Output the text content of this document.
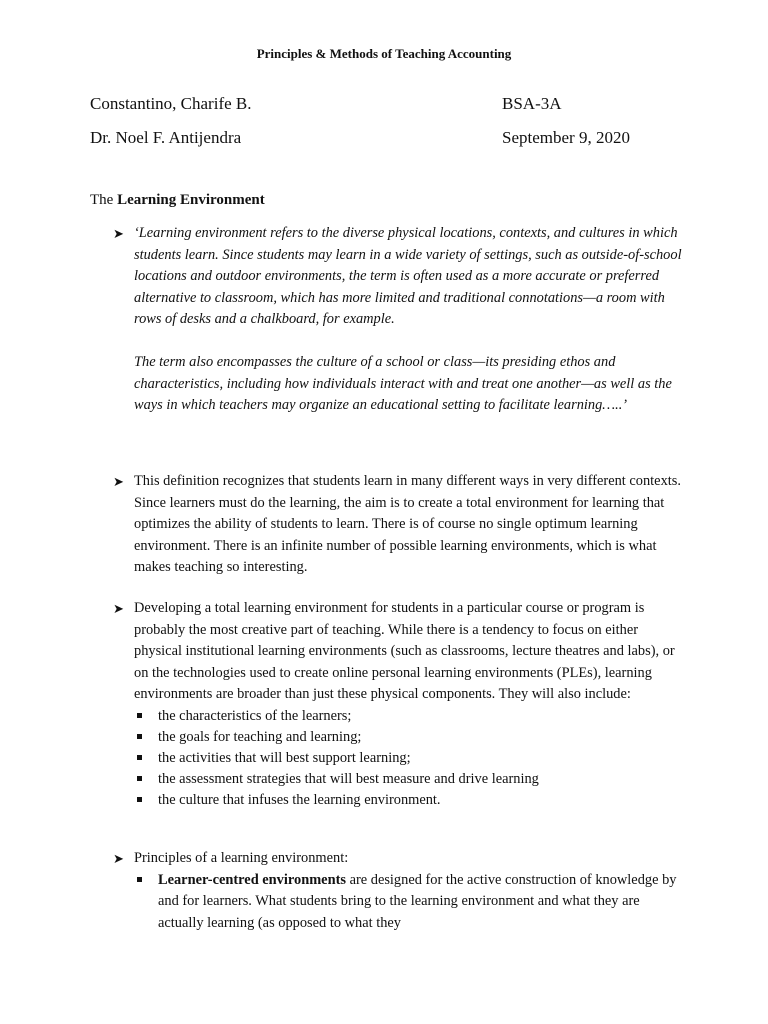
Principles & Methods of Teaching Accounting
Constantino, Charife B.	BSA-3A
Dr. Noel F. Antijendra	September 9, 2020
The Learning Environment
➤ ‘Learning environment refers to the diverse physical locations, contexts, and cultures in which students learn. Since students may learn in a wide variety of settings, such as outside-of-school locations and outdoor environments, the term is often used as a more accurate or preferred alternative to classroom, which has more limited and traditional connotations—a room with rows of desks and a chalkboard, for example.

The term also encompasses the culture of a school or class—its presiding ethos and characteristics, including how individuals interact with and treat one another—as well as the ways in which teachers may organize an educational setting to facilitate learning…..’

➤ This definition recognizes that students learn in many different ways in very different contexts. Since learners must do the learning, the aim is to create a total environment for learning that optimizes the ability of students to learn. There is of course no single optimum learning environment. There is an infinite number of possible learning environments, which is what makes teaching so interesting.
➤ Developing a total learning environment for students in a particular course or program is probably the most creative part of teaching. While there is a tendency to focus on either physical institutional learning environments (such as classrooms, lecture theatres and labs), or on the technologies used to create online personal learning environments (PLEs), learning environments are broader than just these physical components. They will also include:
the characteristics of the learners;
the goals for teaching and learning;
the activities that will best support learning;
the assessment strategies that will best measure and drive learning
the culture that infuses the learning environment.
➤ Principles of a learning environment:
Learner-centred environments are designed for the active construction of knowledge by and for learners. What students bring to the learning environment and what they are actually learning (as opposed to what they
